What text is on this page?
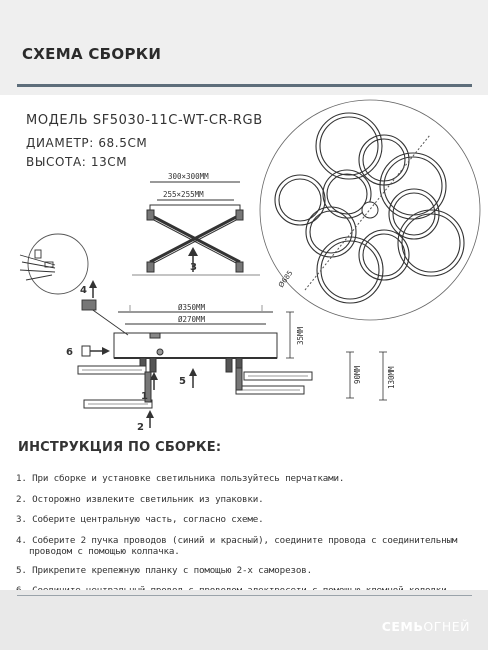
СХЕМА СБОРКИ
МОДЕЛЬ SF5030-11C-WT-CR-RGB
ДИАМЕТР: 68.5СМ
ВЫСОТА: 13СМ
Ø685
300×300ММ
255×255ММ
3
Ø350ММ
Ø270ММ
35ММ
90ММ	130ММ
1
2
5
4
6
ИНСТРУКЦИЯ ПО СБОРКЕ:
1. При сборке и установке светильника пользуйтесь перчатками.
2. Осторожно извлеките светильник из упаковки.
3. Соберите центральную часть, согласно схеме.
4. Соберите 2 пучка проводов (синий и красный), соедините провода с соединительным
проводом с помощью колпачка.
5. Прикрепите крепежную планку с помощью 2-х саморезов.
СЕМЬОГНЕЙ
